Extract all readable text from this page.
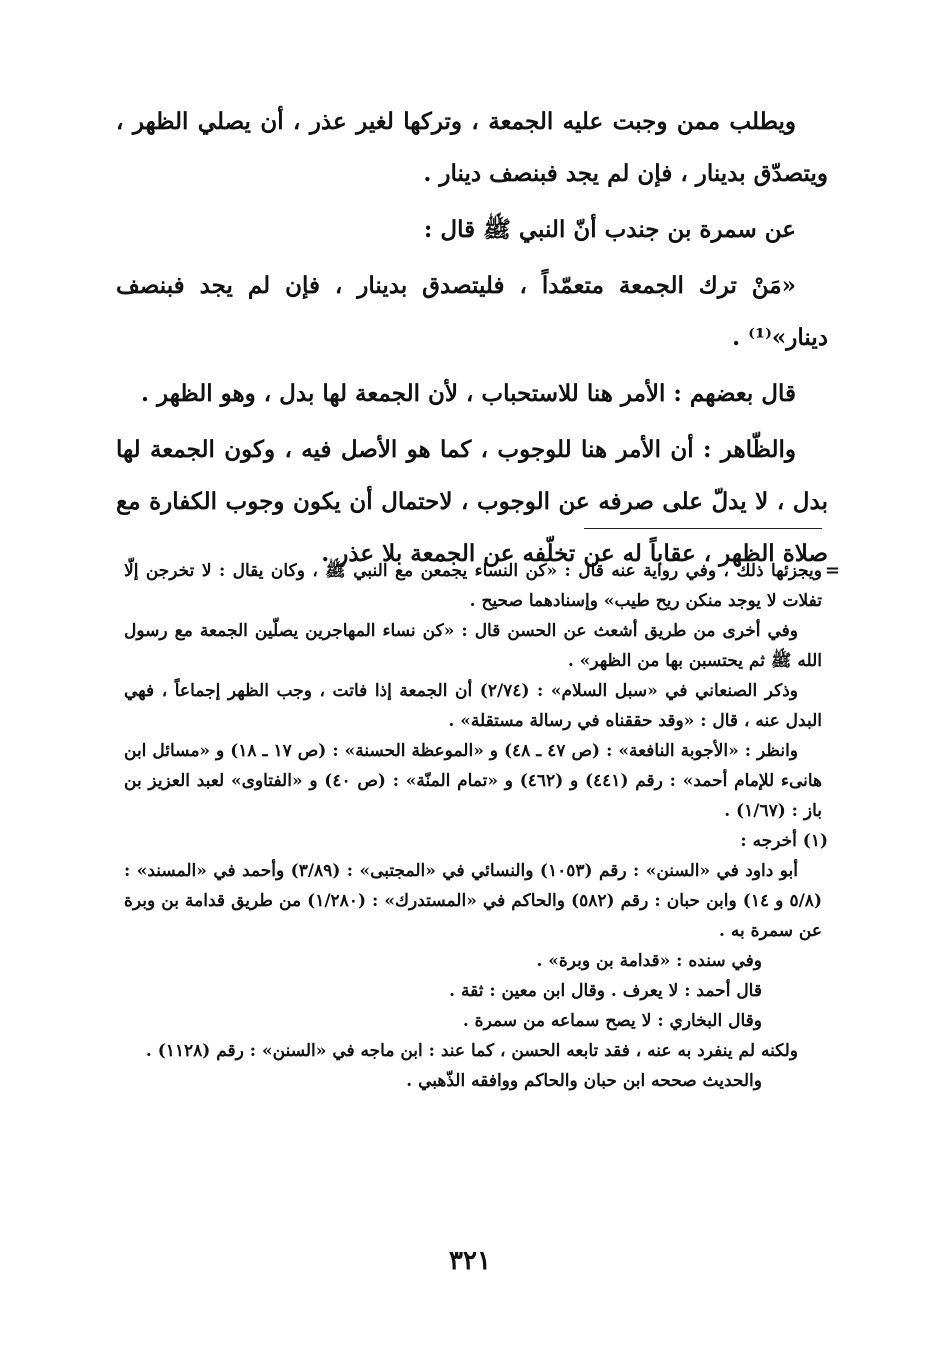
ويطلب ممن وجبت عليه الجمعة ، وتركها لغير عذر ، أن يصلي الظهر ، ويتصدّق بدينار ، فإن لم يجد فبنصف دينار .

عن سمرة بن جندب أنّ النبي ﷺ قال :

«مَنْ ترك الجمعة متعمّداً ، فليتصدق بدينار ، فإن لم يجد فبنصف دينار»⁽¹⁾ .

قال بعضهم : الأمر هنا للاستحباب ، لأن الجمعة لها بدل ، وهو الظهر .

والظّاهر : أن الأمر هنا للوجوب ، كما هو الأصل فيه ، وكون الجمعة لها بدل ، لا يدلّ على صرفه عن الوجوب ، لاحتمال أن يكون وجوب الكفارة مع صلاة الظهر ، عقاباً له عن تخلّفه عن الجمعة بلا عذر .

=

ويجزئها ذلك ، وفي رواية عنه قال : «كن النساء يجمعن مع النبي ﷺ ، وكان يقال : لا تخرجن إلّا تفلات لا يوجد منكن ريح طيب» وإسنادهما صحيح .

وفي أخرى من طريق أشعث عن الحسن قال : «كن نساء المهاجرين يصلّين الجمعة مع رسول الله ﷺ ثم يحتسبن بها من الظهر» .

وذكر الصنعاني في «سبل السلام» : (٢/٧٤) أن الجمعة إذا فاتت ، وجب الظهر إجماعاً ، فهي البدل عنه ، قال : «وقد حققناه في رسالة مستقلة» .

وانظر : «الأجوبة النافعة» : (ص ٤٧ ـ ٤٨) و «الموعظة الحسنة» : (ص ١٧ ـ ١٨) و «مسائل ابن هانىء للإمام أحمد» : رقم (٤٤١) و (٤٦٢) و «تمام المنّة» : (ص ٤٠) و «الفتاوى» لعبد العزيز بن باز : (١/٦٧) .

(١) أخرجه :

أبو داود في «السنن» : رقم (١٠٥٣) والنسائي في «المجتبى» : (٣/٨٩) وأحمد في «المسند» : (٥/٨ و ١٤) وابن حبان : رقم (٥٨٢) والحاكم في «المستدرك» : (١/٢٨٠) من طريق قدامة بن وبرة عن سمرة به .

وفي سنده : «قدامة بن وبرة» .

قال أحمد : لا يعرف . وقال ابن معين : ثقة .

وقال البخاري : لا يصح سماعه من سمرة .

ولكنه لم ينفرد به عنه ، فقد تابعه الحسن ، كما عند : ابن ماجه في «السنن» : رقم (١١٢٨) .

والحديث صححه ابن حبان والحاكم ووافقه الذّهبي .

٣٢١
